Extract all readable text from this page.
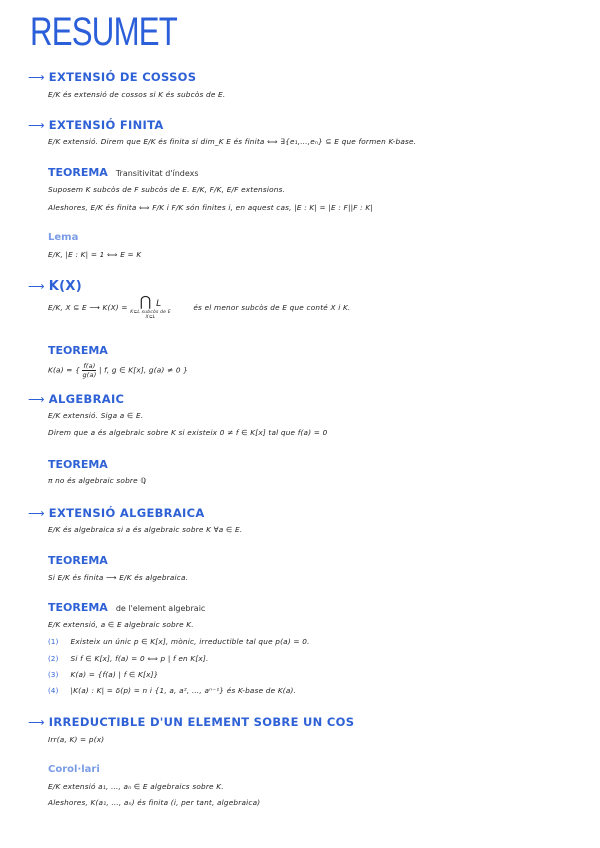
RESUMET
⟶ EXTENSIÓ DE COSSOS
E/K és extensió de cossos si K és subcòs de E.
⟶ EXTENSIÓ FINITA
E/K extensió. Direm que E/K és finita si dim_K E és finita ⟺ ∃{e₁,…,eₙ} ⊆ E que formen K-base.
TEOREMA Transitivitat d'índexs
Suposem K subcòs de F subcòs de E. E/K, F/K, E/F extensions.
Aleshores, E/K és finita ⟺ F/K i F/K són finites i, en aquest cas, |E : K| = |E : F||F : K|
Lema
E/K, |E : K| = 1 ⟺ E = K
⟶ K(X)
E/K, X ⊆ E ⟶ K(X) = ⋂ L
K⊆L subcòs de E
X⊆L
és el menor subcòs de E que conté X i K.
TEOREMA
K(a) = { $\frac{f(a)}{g(a)}$ | f, g ∈ K[x], g(a) ≠ 0 }
⟶ ALGEBRAIC
E/K extensió. Siga a ∈ E.
Direm que a és algebraic sobre K si existeix 0 ≠ f ∈ K[x] tal que f(a) = 0
TEOREMA
π no és algebraic sobre ℚ
⟶ EXTENSIÓ ALGEBRAICA
E/K és algebraica si a és algebraic sobre K ∀a ∈ E.
TEOREMA
Si E/K és finita ⟶ E/K és algebraica.
TEOREMA de l'element algebraic
E/K extensió, a ∈ E algebraic sobre K.
(1) Existeix un únic p ∈ K[x], mònic, irreductible tal que p(a) = 0.
(2) Si f ∈ K[x], f(a) = 0 ⟺ p | f en K[x].
(3) K(a) = {f(a) | f ∈ K[x]}
(4) |K(a) : K| = δ(p) = n i {1, a, a², …, aⁿ⁻¹} és K-base de K(a).
⟶ IRREDUCTIBLE D'UN ELEMENT SOBRE UN COS
Irr(a, K) = p(x)
Corol·lari
E/K extensió a₁, …, aₙ ∈ E algebraics sobre K.
Aleshores, K(a₁, …, aₙ) és finita (i, per tant, algebraica)
